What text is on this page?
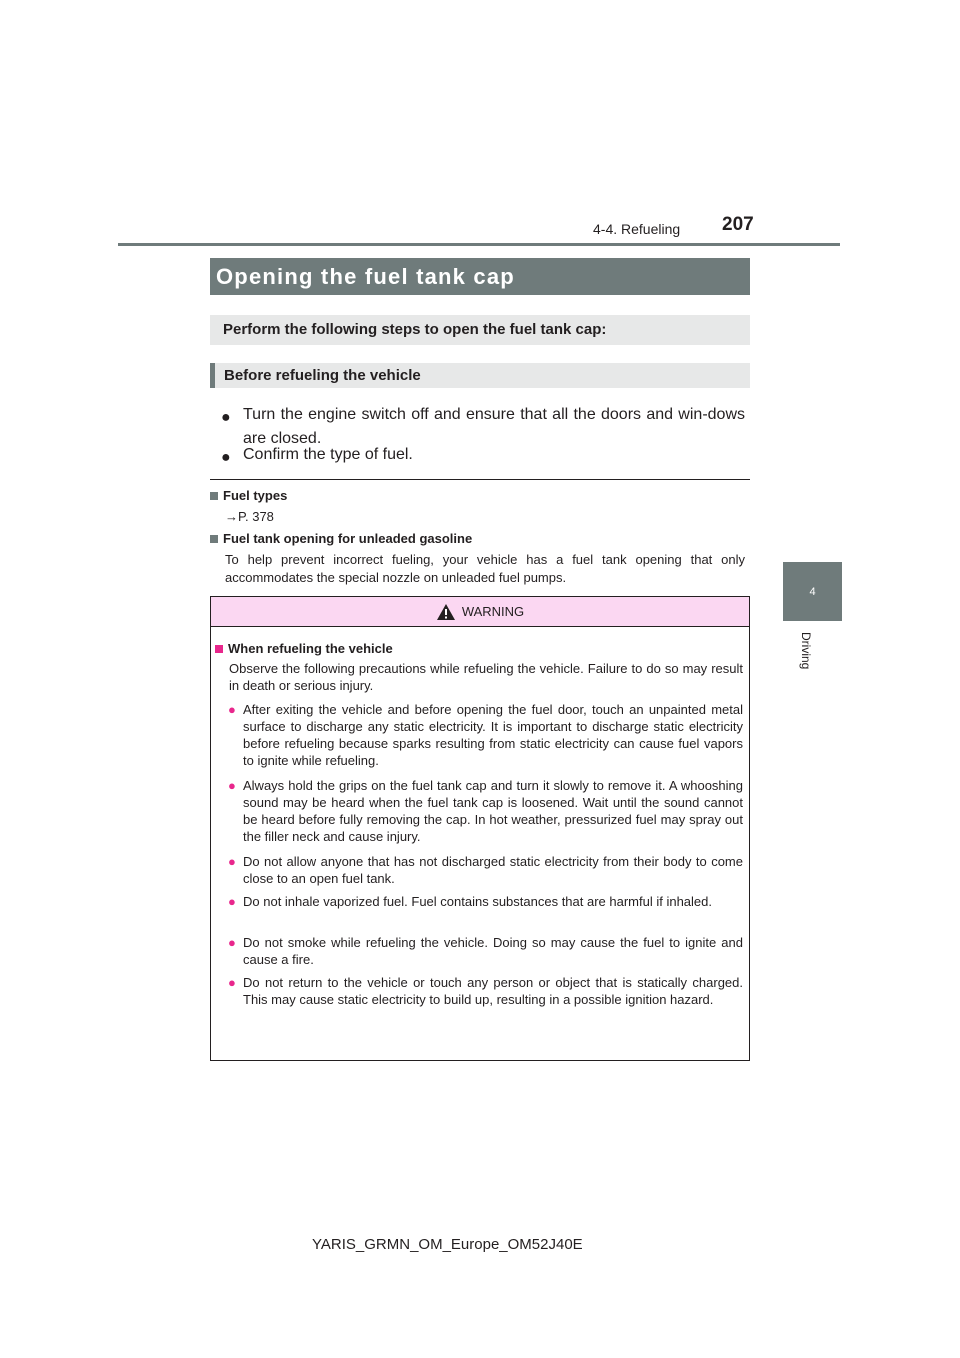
207
4-4. Refueling
4
Driving
Opening the fuel tank cap
Perform the following steps to open the fuel tank cap:
Before refueling the vehicle
● Turn the engine switch off and ensure that all the doors and win-dows are closed.
● Confirm the type of fuel.
Fuel types
→P. 378
Fuel tank opening for unleaded gasoline
To help prevent incorrect fueling, your vehicle has a fuel tank opening that only accommodates the special nozzle on unleaded fuel pumps.
WARNING
When refueling the vehicle
Observe the following precautions while refueling the vehicle. Failure to do so may result in death or serious injury.
● After exiting the vehicle and before opening the fuel door, touch an unpainted metal surface to discharge any static electricity. It is important to discharge static electricity before refueling because sparks resulting from static electricity can cause fuel vapors to ignite while refueling.
● Always hold the grips on the fuel tank cap and turn it slowly to remove it. A whooshing sound may be heard when the fuel tank cap is loosened. Wait until the sound cannot be heard before fully removing the cap. In hot weather, pressurized fuel may spray out the filler neck and cause injury.
● Do not allow anyone that has not discharged static electricity from their body to come close to an open fuel tank.
● Do not inhale vaporized fuel. Fuel contains substances that are harmful if inhaled.
● Do not smoke while refueling the vehicle. Doing so may cause the fuel to ignite and cause a fire.
● Do not return to the vehicle or touch any person or object that is statically charged. This may cause static electricity to build up, resulting in a possible ignition hazard.
YARIS_GRMN_OM_Europe_OM52J40E
